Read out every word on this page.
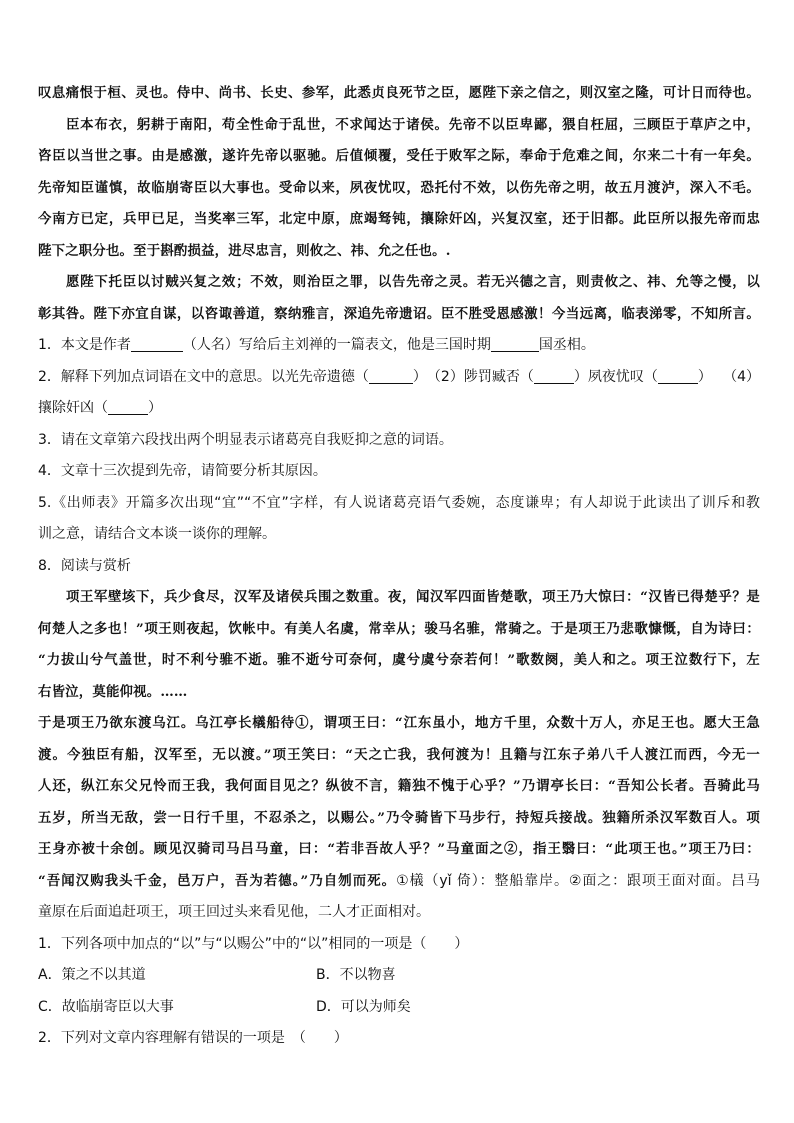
叹息痛恨于桓、灵也。侍中、尚书、长史、参军，此悉贞良死节之臣，愿陛下亲之信之，则汉室之隆，可计日而待也。
臣本布衣，躬耕于南阳，苟全性命于乱世，不求闻达于诸侯。先帝不以臣卑鄙，猥自枉屈，三顾臣于草庐之中，
咨臣以当世之事。由是感激，遂许先帝以驱驰。后值倾覆，受任于败军之际，奉命于危难之间，尔来二十有一年矣。
先帝知臣谨慎，故临崩寄臣以大事也。受命以来，夙夜忧叹，恐托付不效，以伤先帝之明，故五月渡泸，深入不毛。
今南方已定，兵甲已足，当奖率三军，北定中原，庶竭驽钝，攘除奸凶，兴复汉室，还于旧都。此臣所以报先帝而忠
陛下之职分也。至于斟酌损益，进尽忠言，则攸之、祎、允之任也。.
愿陛下托臣以讨贼兴复之效；不效，则治臣之罪，以告先帝之灵。若无兴德之言，则责攸之、祎、允等之慢，以
彰其咎。陛下亦宜自谋，以咨诹善道，察纳雅言，深追先帝遗诏。臣不胜受恩感激！今当远离，临表涕零，不知所言。
1．本文是作者	（人名）写给后主刘禅的一篇表文，他是三国时期	国丞相。
2．解释下列加点词语在文中的意思。以光先帝遗德（	）　（2）陟罚臧否（	）夙夜忧叹（	） （4）
攘除奸凶（	）
3．请在文章第六段找出两个明显表示诸葛亮自我贬抑之意的词语。
4．文章十三次提到先帝，请简要分析其原因。
5.《出师表》开篇多次出现“宜”“不宜”字样，有人说诸葛亮语气委婉，态度谦卑；有人却说于此读出了训斥和教
训之意，请结合文本谈一谈你的理解。
8．阅读与赏析
项王军壁垓下，兵少食尽，汉军及诸侯兵围之数重。夜，闻汉军四面皆楚歌，项王乃大惊曰：“汉皆已得楚乎？是
何楚人之多也！”项王则夜起，饮帐中。有美人名虞，常幸从；骏马名骓，常骑之。于是项王乃悲歌慷慨，自为诗曰：
“力拔山兮气盖世，时不利兮骓不逝。骓不逝兮可奈何，虞兮虞兮奈若何！”歌数阕，美人和之。项王泣数行下，左
右皆泣，莫能仰视。……
于是项王乃欲东渡乌江。乌江亭长檥船待①，谓项王曰：“江东虽小，地方千里，众数十万人，亦足王也。愿大王急
渡。今独臣有船，汉军至，无以渡。”项王笑曰：“天之亡我，我何渡为！且籍与江东子弟八千人渡江而西，今无一
人还，纵江东父兄怜而王我，我何面目见之？纵彼不言，籍独不愧于心乎？”乃谓亭长曰：“吾知公长者。吾骑此马
五岁，所当无敌，尝一日行千里，不忍杀之，以赐公。”乃令骑皆下马步行，持短兵接战。独籍所杀汉军数百人。项
王身亦被十余创。顾见汉骑司马吕马童，曰：“若非吾故人乎？”马童面之②，指王翳曰：“此项王也。”项王乃曰：
“吾闻汉购我头千金，邑万户，吾为若德。”乃自刎而死。①檥（yǐ 倚）：整船靠岸。②面之：跟项王面对面。吕马
童原在后面追赶项王，项王回过头来看见他，二人才正面相对。
1．下列各项中加点的“以”与“以赐公”中的“以”相同的一项是（　　）
A．策之不以其道	B．不以物喜
C．故临崩寄臣以大事	D．可以为师矣
2．下列对文章内容理解有错误的一项是　（　　）
